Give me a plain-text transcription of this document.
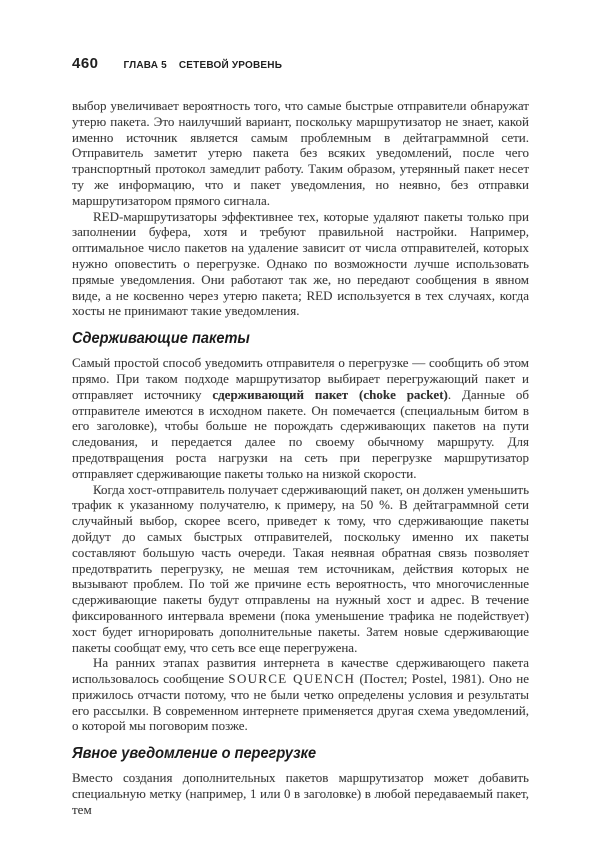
460	ГЛАВА 5 СЕТЕВОЙ УРОВЕНЬ

выбор увеличивает вероятность того, что самые быстрые отправители обнаружат утерю пакета. Это наилучший вариант, поскольку маршрутизатор не знает, какой именно источник является самым проблемным в дейтаграммной сети. Отправитель заметит утерю пакета без всяких уведомлений, после чего транспортный протокол замедлит работу. Таким образом, утерянный пакет несет ту же информацию, что и пакет уведомления, но неявно, без отправки маршрутизатором прямого сигнала.

RED-маршрутизаторы эффективнее тех, которые удаляют пакеты только при заполнении буфера, хотя и требуют правильной настройки. Например, оптимальное число пакетов на удаление зависит от числа отправителей, которых нужно оповестить о перегрузке. Однако по возможности лучше использовать прямые уведомления. Они работают так же, но передают сообщения в явном виде, а не косвенно через утерю пакета; RED используется в тех случаях, когда хосты не принимают такие уведомления.

Сдерживающие пакеты

Самый простой способ уведомить отправителя о перегрузке — сообщить об этом прямо. При таком подходе маршрутизатор выбирает перегружающий пакет и отправляет источнику сдерживающий пакет (choke packet). Данные об отправителе имеются в исходном пакете. Он помечается (специальным битом в его заголовке), чтобы больше не порождать сдерживающих пакетов на пути следования, и передается далее по своему обычному маршруту. Для предотвращения роста нагрузки на сеть при перегрузке маршрутизатор отправляет сдерживающие пакеты только на низкой скорости.

Когда хост-отправитель получает сдерживающий пакет, он должен уменьшить трафик к указанному получателю, к примеру, на 50 %. В дейтаграммной сети случайный выбор, скорее всего, приведет к тому, что сдерживающие пакеты дойдут до самых быстрых отправителей, поскольку именно их пакеты составляют большую часть очереди. Такая неявная обратная связь позволяет предотвратить перегрузку, не мешая тем источникам, действия которых не вызывают проблем. По той же причине есть вероятность, что многочисленные сдерживающие пакеты будут отправлены на нужный хост и адрес. В течение фиксированного интервала времени (пока уменьшение трафика не подействует) хост будет игнорировать дополнительные пакеты. Затем новые сдерживающие пакеты сообщат ему, что сеть все еще перегружена.

На ранних этапах развития интернета в качестве сдерживающего пакета использовалось сообщение SOURCE QUENCH (Постел; Postel, 1981). Оно не прижилось отчасти потому, что не были четко определены условия и результаты его рассылки. В современном интернете применяется другая схема уведомлений, о которой мы поговорим позже.

Явное уведомление о перегрузке

Вместо создания дополнительных пакетов маршрутизатор может добавить специальную метку (например, 1 или 0 в заголовке) в любой передаваемый пакет, тем
